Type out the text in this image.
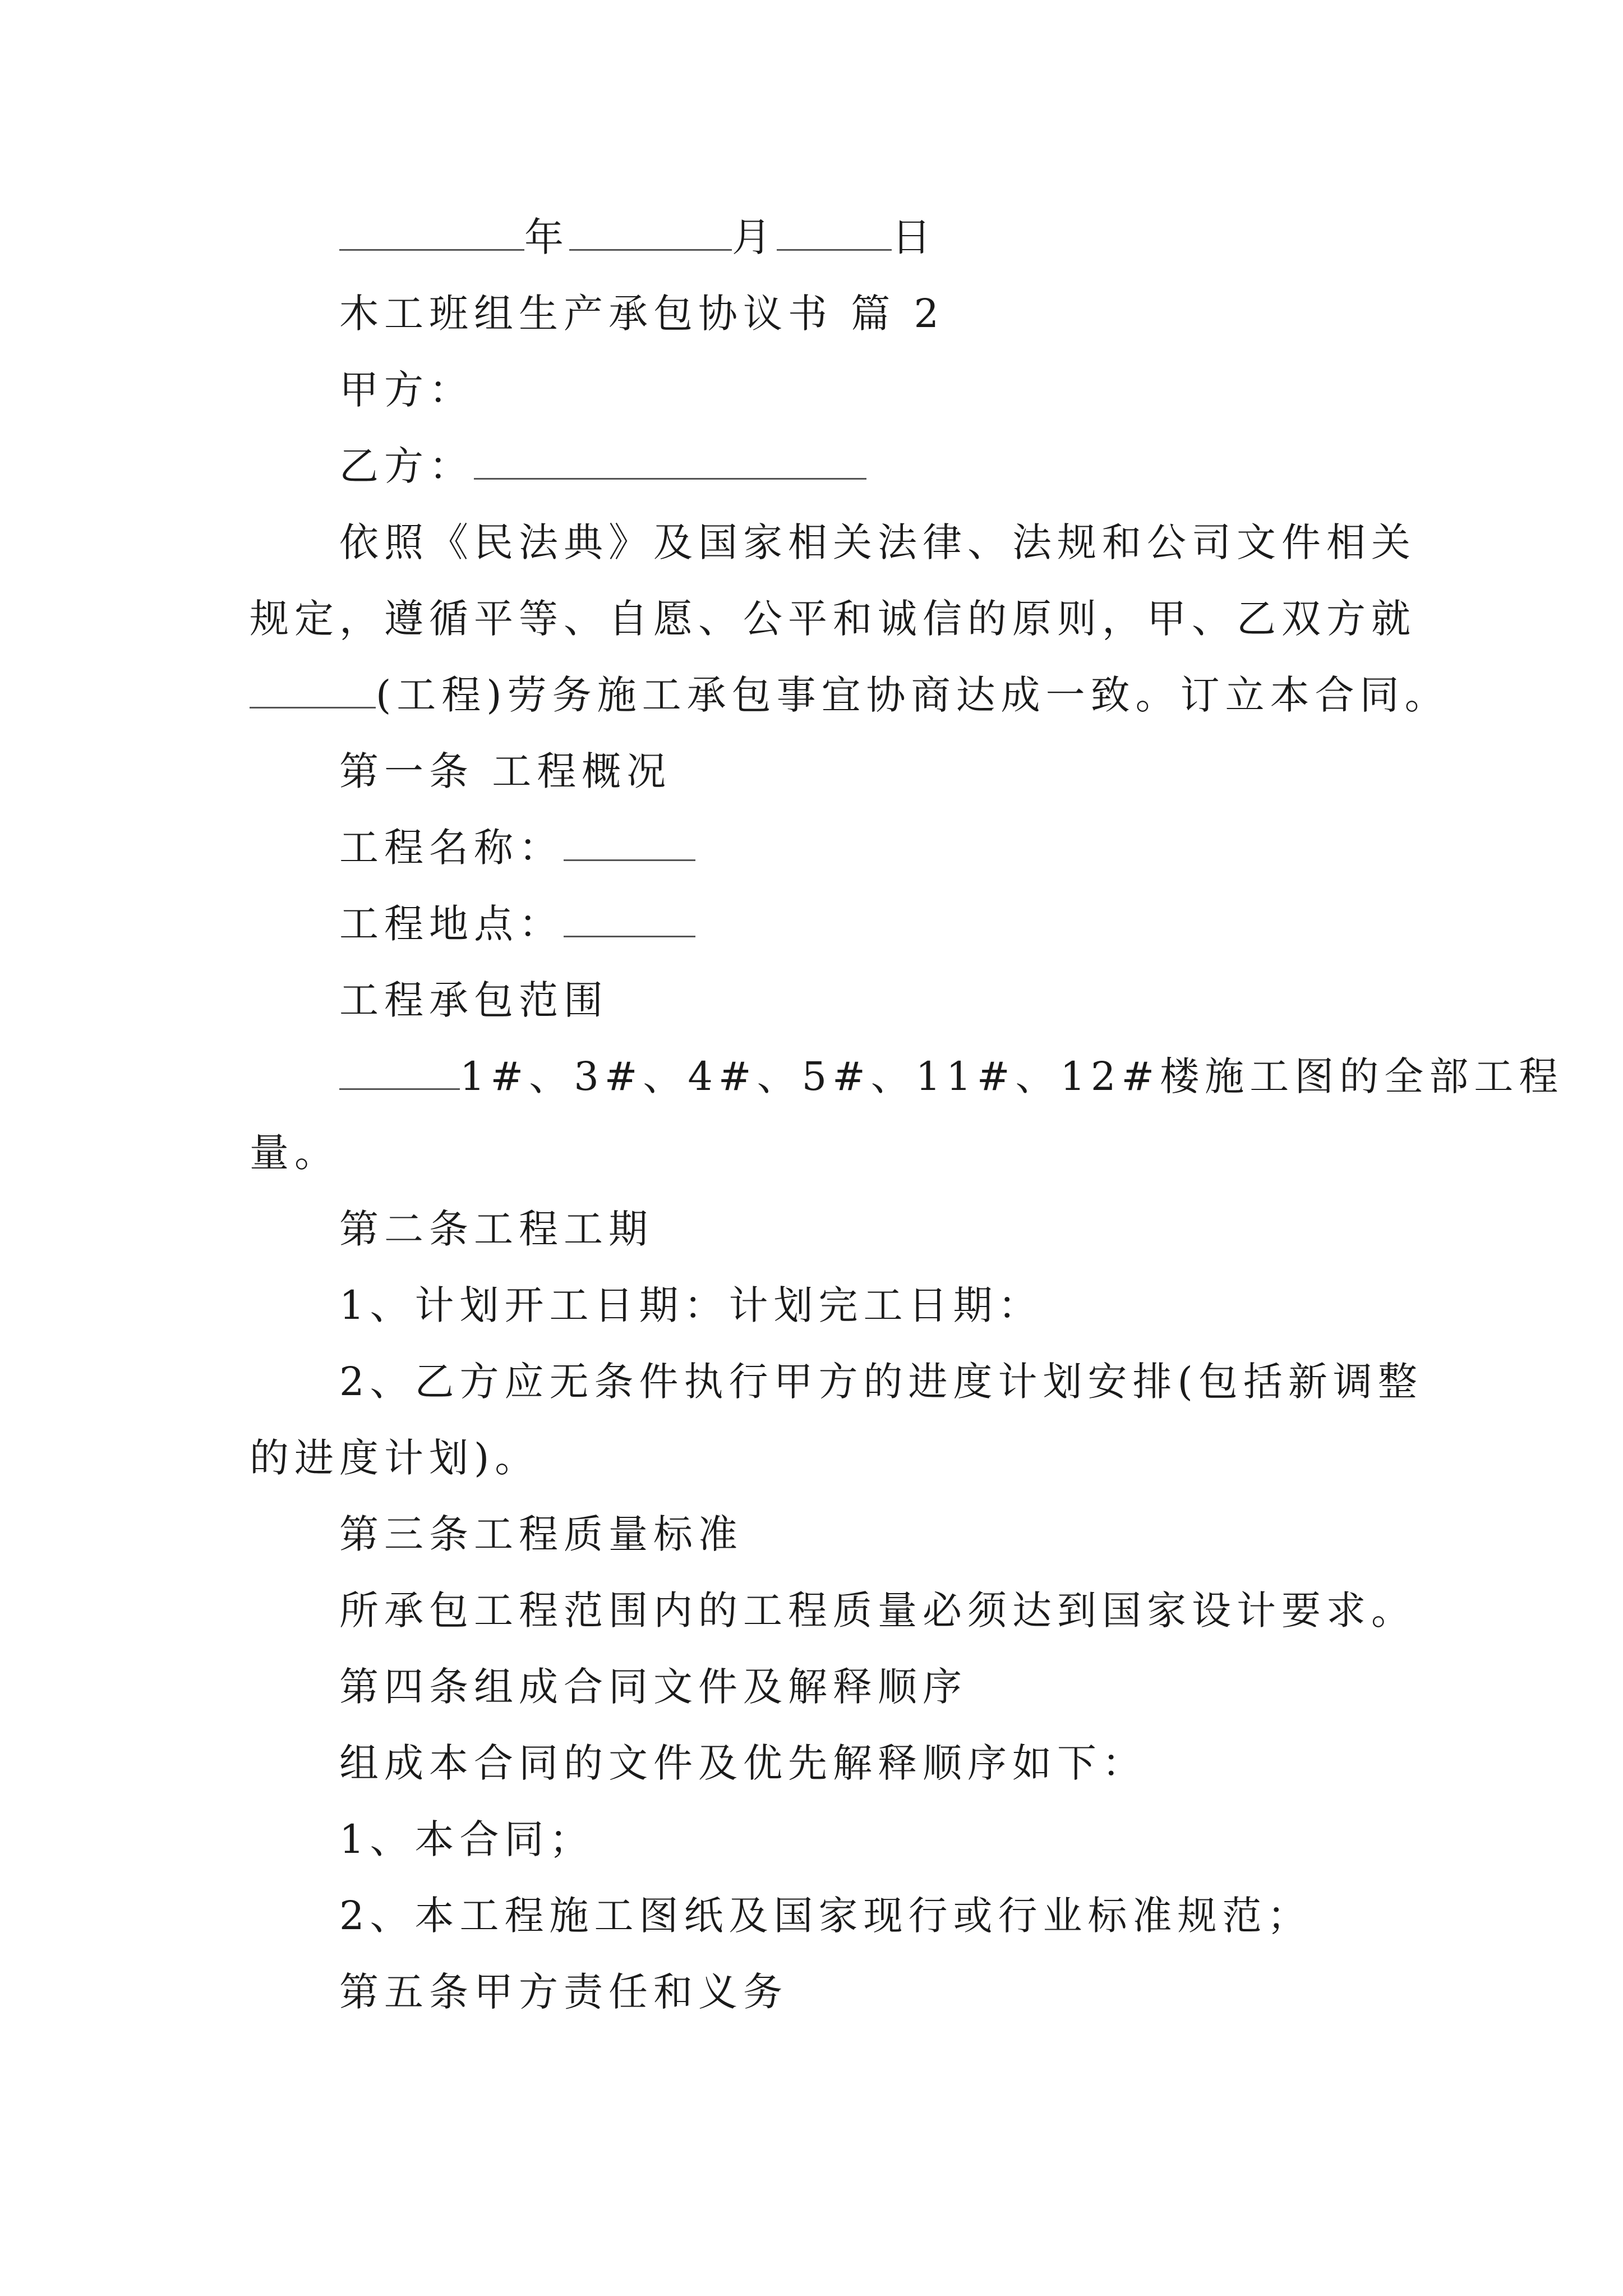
年	月	日
木工班组生产承包协议书 篇 2
甲方：
乙方：
依照《民法典》及国家相关法律、法规和公司文件相关
规定，遵循平等、自愿、公平和诚信的原则，甲、乙双方就
(工程)劳务施工承包事宜协商达成一致。订立本合同。
第一条 工程概况
工程名称：
工程地点：
工程承包范围
1#、3#、4#、5#、11#、12#楼施工图的全部工程
量。
第二条工程工期
1、计划开工日期：计划完工日期：
2、乙方应无条件执行甲方的进度计划安排(包括新调整
的进度计划)。
第三条工程质量标准
所承包工程范围内的工程质量必须达到国家设计要求。
第四条组成合同文件及解释顺序
组成本合同的文件及优先解释顺序如下：
1、本合同；
2、本工程施工图纸及国家现行或行业标准规范；
第五条甲方责任和义务
